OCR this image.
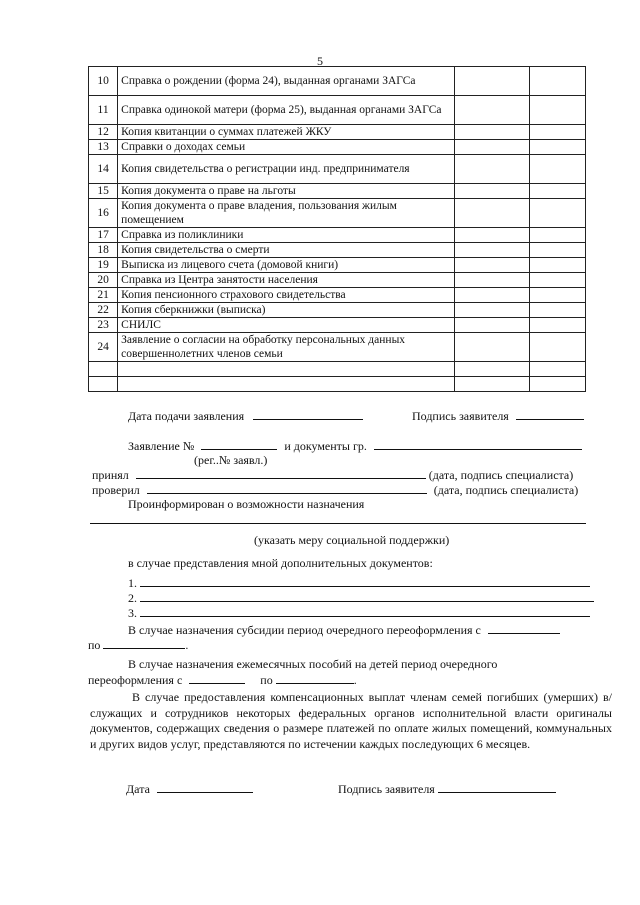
5
10	Справка о рождении (форма 24), выданная органами ЗАГСа		
11	Справка одинокой матери (форма 25), выданная органами ЗАГСа		
12	Копия квитанции о суммах платежей ЖКУ		
13	Справки о доходах семьи		
14	Копия свидетельства о регистрации инд. предпринимателя		
15	Копия документа о праве на льготы		
16	Копия документа о праве владения, пользования жилым помещением		
17	Справка из поликлиники		
18	Копия свидетельства о смерти		
19	Выписка из лицевого счета (домовой книги)		
20	Справка из Центра занятости населения		
21	Копия пенсионного страхового свидетельства		
22	Копия сберкнижки (выписка)		
23	СНИЛС		
24	Заявление о согласии на обработку персональных данных совершеннолетних членов семьи		

Дата подачи заявления	Подпись заявителя
Заявление №	и документы гр.
(рег..№ заявл.)
принял	(дата, подпись специалиста)
проверил	(дата, подпись специалиста)
Проинформирован о возможности назначения
(указать меру социальной поддержки)
в случае представления мной дополнительных документов:
1.
2.
3.
В случае назначения субсидии период очередного переоформления с
по	.
В случае назначения ежемесячных пособий на детей период очередного
переоформления с	по	.
В случае предоставления компенсационных выплат членам семей погибших (умерших) в/служащих и сотрудников некоторых федеральных органов исполнительной власти оригиналы документов, содержащих сведения о размере платежей по оплате жилых помещений, коммунальных и других видов услуг, представляются по истечении каждых последующих 6 месяцев.
Дата	Подпись заявителя
